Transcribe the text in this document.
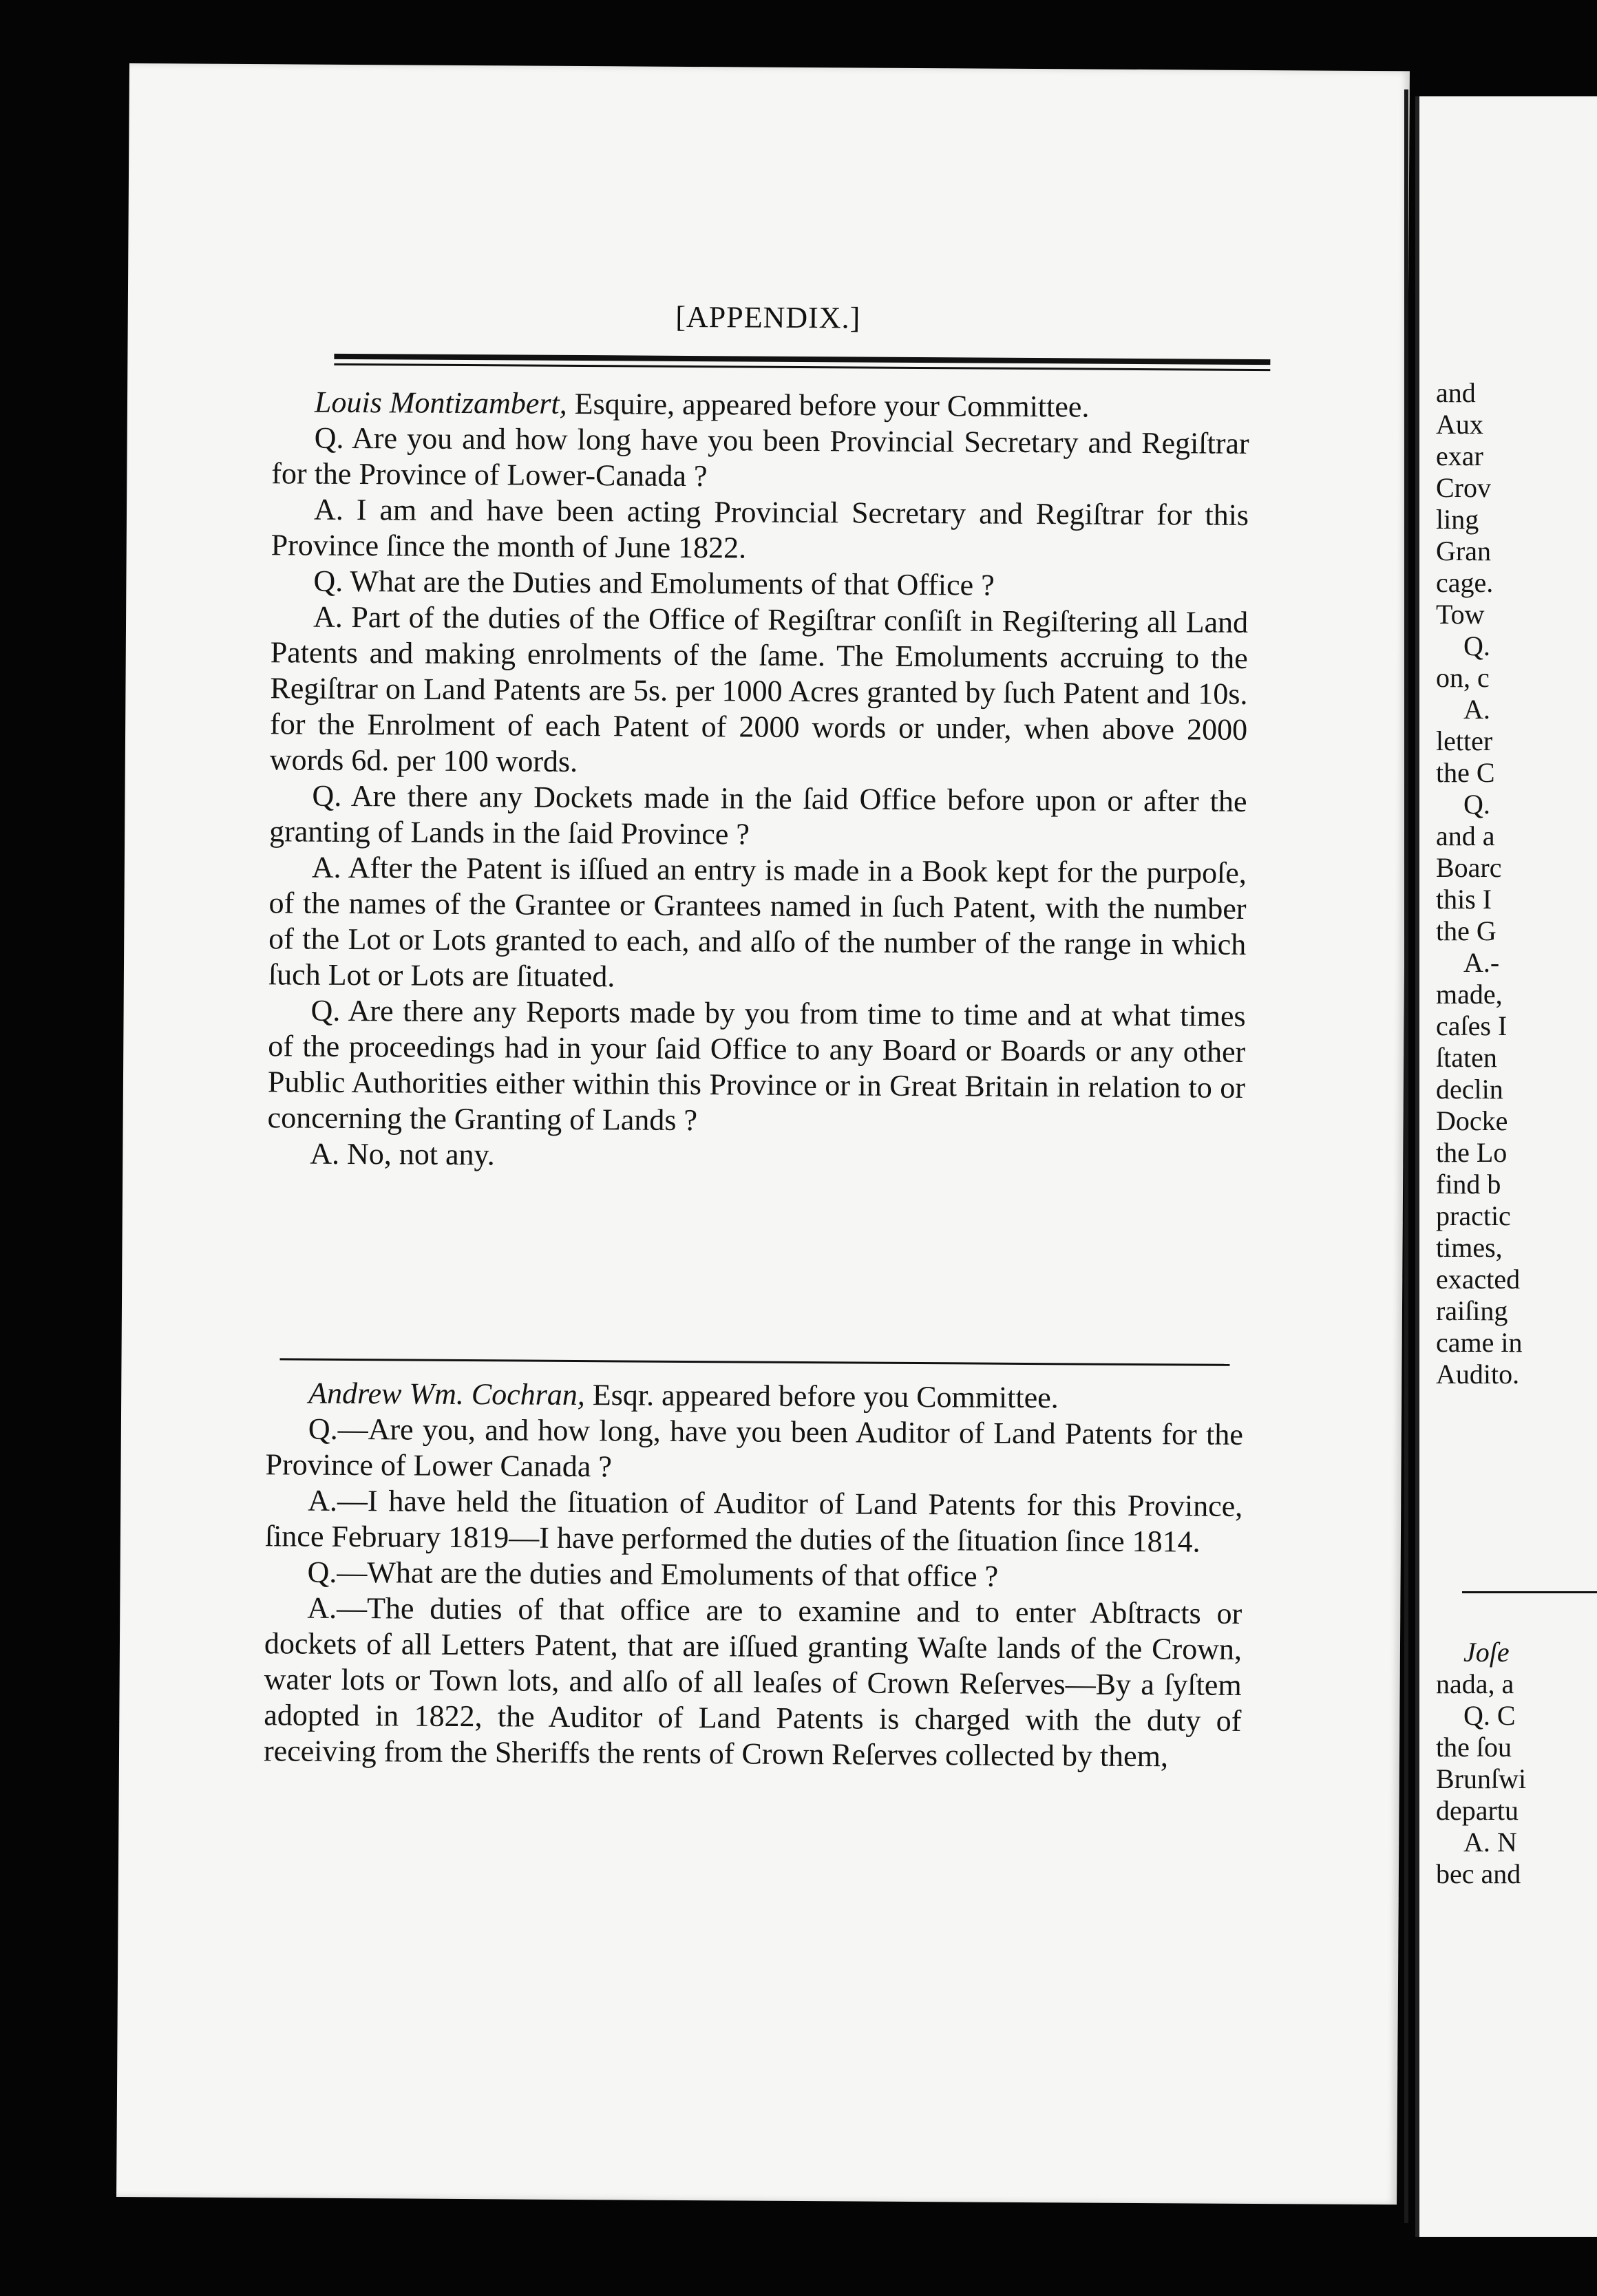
[APPENDIX.]

Louis Montizambert, Esquire, appeared before your Committee.

Q. Are you and how long have you been Provincial Secretary and Regiſtrar for the Province of Lower-Canada ?

A. I am and have been acting Provincial Secretary and Regiſtrar for this Province ſince the month of June 1822.

Q. What are the Duties and Emoluments of that Office ?

A. Part of the duties of the Office of Regiſtrar conſiſt in Regiſtering all Land Patents and making enrolments of the ſame. The Emoluments accruing to the Regiſtrar on Land Patents are 5s. per 1000 Acres granted by ſuch Patent and 10s. for the Enrolment of each Patent of 2000 words or under, when above 2000 words 6d. per 100 words.

Q. Are there any Dockets made in the ſaid Office before upon or after the granting of Lands in the ſaid Province ?

A. After the Patent is iſſued an entry is made in a Book kept for the purpoſe, of the names of the Grantee or Grantees named in ſuch Patent, with the number of the Lot or Lots granted to each, and alſo of the number of the range in which ſuch Lot or Lots are ſituated.

Q. Are there any Reports made by you from time to time and at what times of the proceedings had in your ſaid Office to any Board or Boards or any other Public Authorities either within this Province or in Great Britain in relation to or concerning the Granting of Lands ?

A. No, not any.

Andrew Wm. Cochran, Esqr. appeared before you Committee.

Q.—Are you, and how long, have you been Auditor of Land Patents for the Province of Lower Canada ?

A.—I have held the ſituation of Auditor of Land Patents for this Province, ſince February 1819—I have performed the duties of the ſituation ſince 1814.

Q.—What are the duties and Emoluments of that office ?

A.—The duties of that office are to examine and to enter Abſtracts or dockets of all Letters Patent, that are iſſued granting Waſte lands of the Crown, water lots or Town lots, and alſo of all leaſes of Crown Reſerves—By a ſyſtem adopted in 1822, the Auditor of Land Patents is charged with the duty of receiving from the Sheriffs the rents of Crown Reſerves collected by them,

and
Aux
exar
Crov
ling
Gran
cage.
Tow
Q.
on, c
A.
letter
the C
Q.
and a
Boarc
this I
the G
A.-
made,
caſes I
ſtaten
declin
Docke
the Lo
find b
practic
times,
exacted
raiſing
came in
Audito.
Joſe
nada, a
Q. C
the ſou
Brunſwi
departu
A. N
bec and
